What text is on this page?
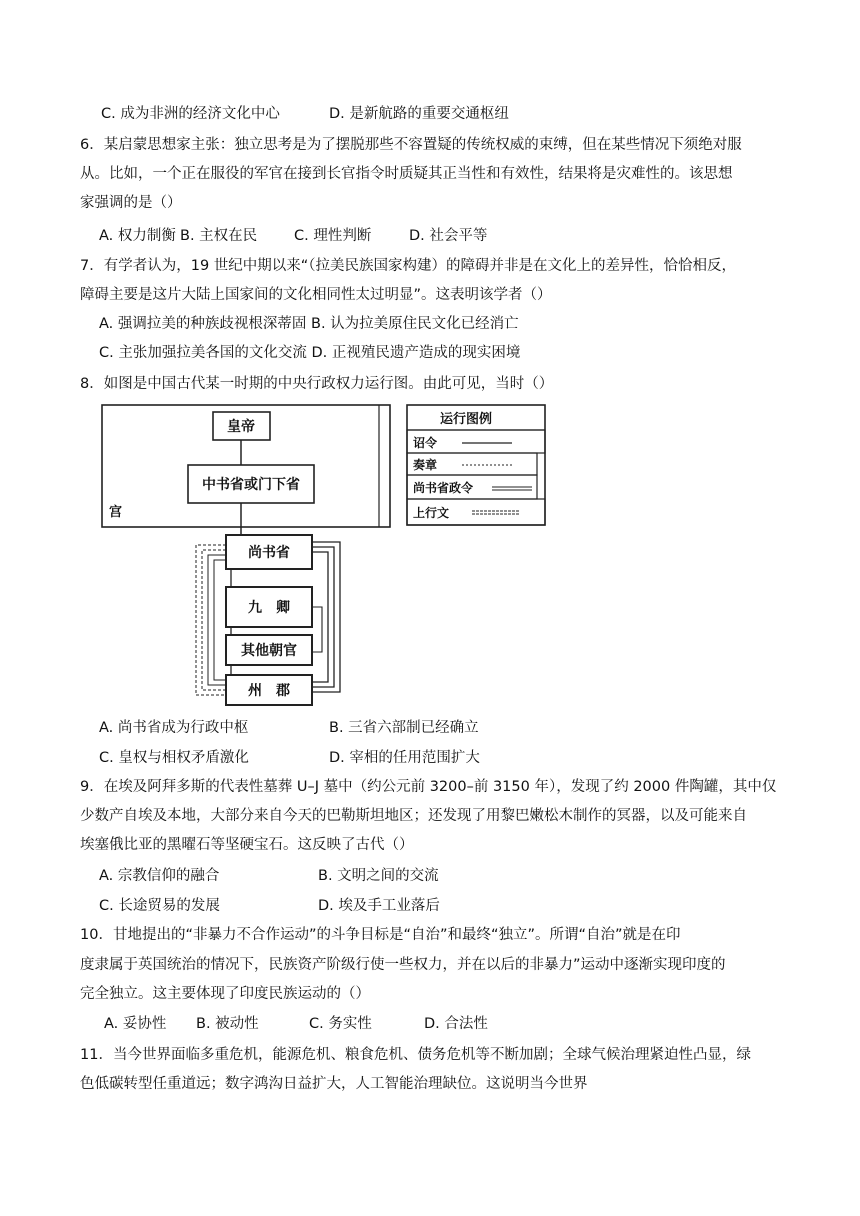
C. 成为非洲的经济文化中心	D. 是新航路的重要交通枢纽
6．某启蒙思想家主张：独立思考是为了摆脱那些不容置疑的传统权威的束缚，但在某些情况下须绝对服
从。比如，一个正在服役的军官在接到长官指令时质疑其正当性和有效性，结果将是灾难性的。该思想
家强调的是（）
A. 权力制衡 B. 主权在民	C. 理性判断	D. 社会平等
7．有学者认为，19 世纪中期以来“（拉美民族国家构建）的障碍并非是在文化上的差异性，恰恰相反，
障碍主要是这片大陆上国家间的文化相同性太过明显”。这表明该学者（）
A. 强调拉美的种族歧视根深蒂固 B. 认为拉美原住民文化已经消亡
C. 主张加强拉美各国的文化交流 D. 正视殖民遗产造成的现实困境
8．如图是中国古代某一时期的中央行政权力运行图。由此可见，当时（）
宫
皇帝
中书省或门下省
尚书省
九　卿
其他朝官
州　郡
运行图例
诏令
奏章
尚书省政令
上行文
A. 尚书省成为行政中枢	B. 三省六部制已经确立
C. 皇权与相权矛盾激化	D. 宰相的任用范围扩大
9．在埃及阿拜多斯的代表性墓葬 U–J 墓中（约公元前 3200–前 3150 年），发现了约 2000 件陶罐，其中仅
少数产自埃及本地，大部分来自今天的巴勒斯坦地区；还发现了用黎巴嫩松木制作的冥器，以及可能来自
埃塞俄比亚的黑曜石等坚硬宝石。这反映了古代（）
A. 宗教信仰的融合	B. 文明之间的交流
C. 长途贸易的发展	D. 埃及手工业落后
10．甘地提出的“非暴力不合作运动”的斗争目标是“自治”和最终“独立”。所谓“自治”就是在印
度隶属于英国统治的情况下，民族资产阶级行使一些权力，并在以后的非暴力”运动中逐渐实现印度的
完全独立。这主要体现了印度民族运动的（）
A. 妥协性 B. 被动性	C. 务实性	D. 合法性
11．当今世界面临多重危机，能源危机、粮食危机、债务危机等不断加剧；全球气候治理紧迫性凸显，绿
色低碳转型任重道远；数字鸿沟日益扩大，人工智能治理缺位。这说明当今世界
